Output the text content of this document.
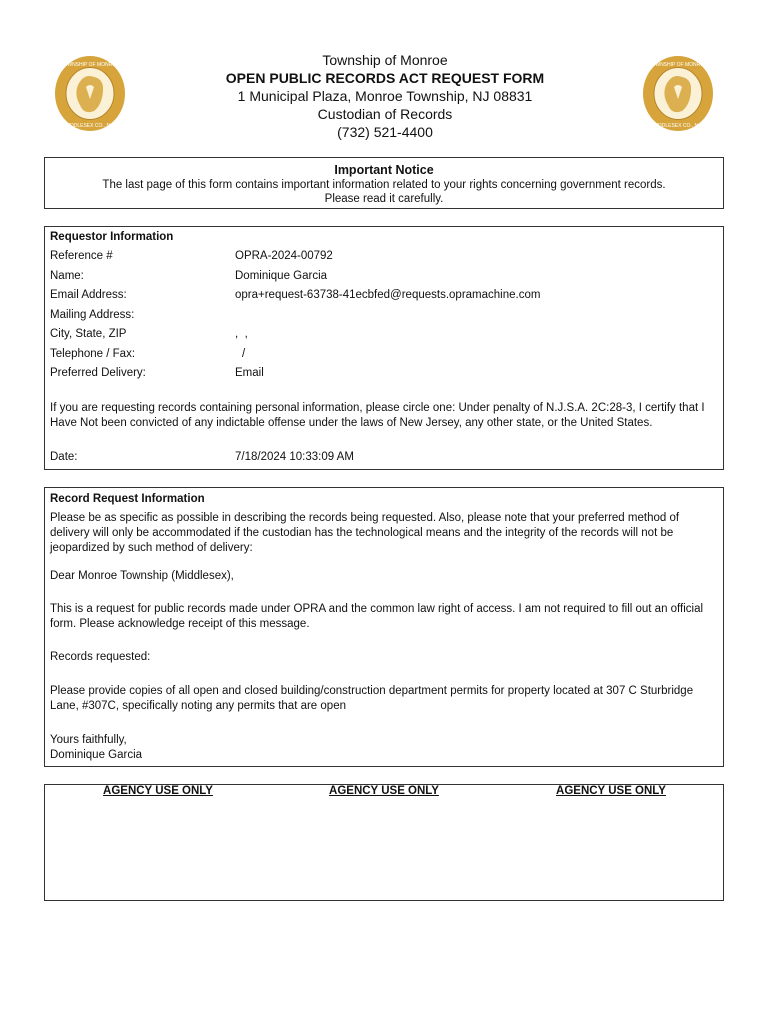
TOWNSHIP OF MONROE
MIDDLESEX CO., N.J.
TOWNSHIP OF MONROE
MIDDLESEX CO., N.J.
Township of Monroe
OPEN PUBLIC RECORDS ACT REQUEST FORM
1 Municipal Plaza, Monroe Township, NJ 08831
Custodian of Records
(732) 521-4400
Important Notice
The last page of this form contains important information related to your rights concerning government records.
Please read it carefully.
Requestor Information
Reference #	OPRA-2024-00792
Name:	Dominique Garcia
Email Address:	opra+request-63738-41ecbfed@requests.opramachine.com
Mailing Address:
City, State, ZIP	,  ,
Telephone / Fax:	/
Preferred Delivery:	Email
If you are requesting records containing personal information, please circle one: Under penalty of N.J.S.A. 2C:28-3, I certify that I Have Not been convicted of any indictable offense under the laws of New Jersey, any other state, or the United States.
Date:	7/18/2024 10:33:09 AM
Record Request Information
Please be as specific as possible in describing the records being requested. Also, please note that your preferred method of delivery will only be accommodated if the custodian has the technological means and the integrity of the records will not be jeopardized by such method of delivery:
Dear Monroe Township (Middlesex),
This is a request for public records made under OPRA and the common law right of access. I am not required to fill out an official form. Please acknowledge receipt of this message.
Records requested:
Please provide copies of all open and closed building/construction department permits for property located at 307 C Sturbridge Lane, #307C, specifically noting any permits that are open
Yours faithfully,
Dominique Garcia
AGENCY USE ONLY	AGENCY USE ONLY	AGENCY USE ONLY
